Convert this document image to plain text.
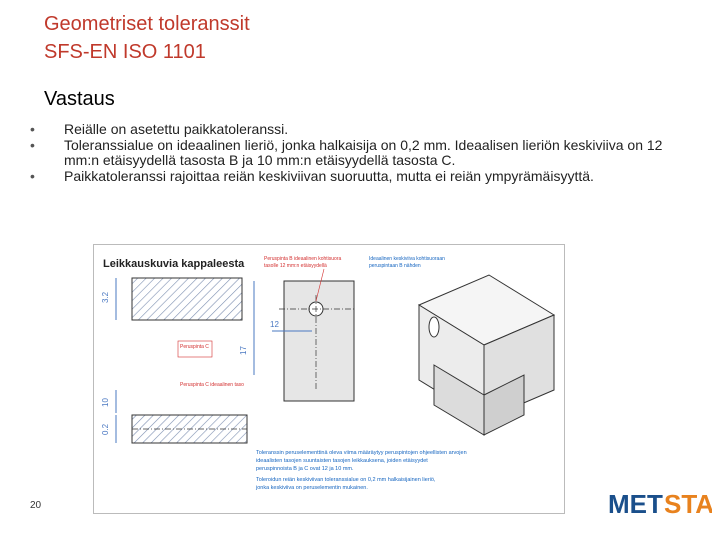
Geometriset toleranssit
SFS-EN ISO 1101
Vastaus
• Reiälle on asetettu paikkatoleranssi.
• Toleranssialue on ideaalinen lieriö, jonka halkaisija on 0,2 mm. Ideaalisen lieriön keskiviiva on 12 mm:n etäisyydellä tasosta B ja 10 mm:n etäisyydellä tasosta C.
• Paikkatoleranssi rajoittaa reiän keskiviivan suoruutta, mutta ei reiän ympyrämäisyyttä.
Leikkauskuvia kappaleesta
3.2
12
17
Peruspinta C
Peruspinta C ideaalinen taso
10
0.2
Peruspinta B ideaalinen kohtisuora
tasolle 12 mm:n etäisyydellä
Ideaalinen keskiviiva kohtisuoraan
peruspintaan B nähden
Toleranssin peruselementtinä oleva viima määräytyy peruspintojen ohjeellisten arvojen
ideaalisten tasojen suuntaisten tasojen leikkauksena, joiden etäisyydet
peruspinnoista B ja C ovat 12 ja 10 mm.
Toleroidun reiän keskiviivan toleranssialue on 0,2 mm halkaisijainen lieriö,
jonka keskiviiva on peruselementin mukainen.
20	MET STA
